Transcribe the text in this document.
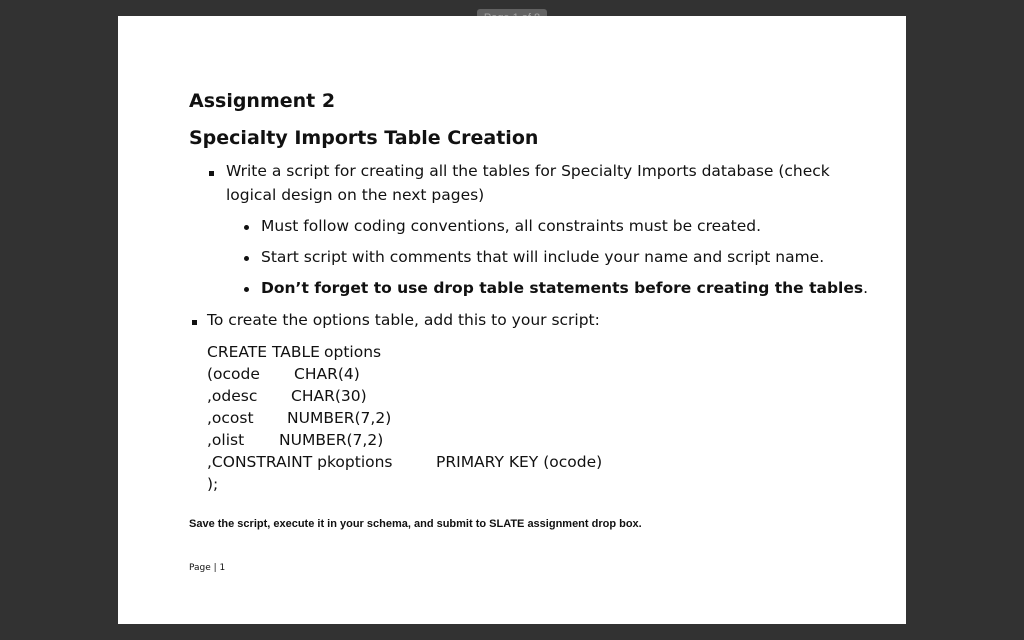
Assignment 2
Specialty Imports Table Creation
Write a script for creating all the tables for Specialty Imports database (check
logical design on the next pages)
Must follow coding conventions, all constraints must be created.
Start script with comments that will include your name and script name.
Don’t forget to use drop table statements before creating the tables.
To create the options table, add this to your script:
CREATE TABLE options
(ocode CHAR(4)
,odesc CHAR(30)
,ocost NUMBER(7,2)
,olist NUMBER(7,2)
,CONSTRAINT pkoptions	PRIMARY KEY (ocode)
);
Save the script, execute it in your schema, and submit to SLATE assignment drop box.
Page | 1
